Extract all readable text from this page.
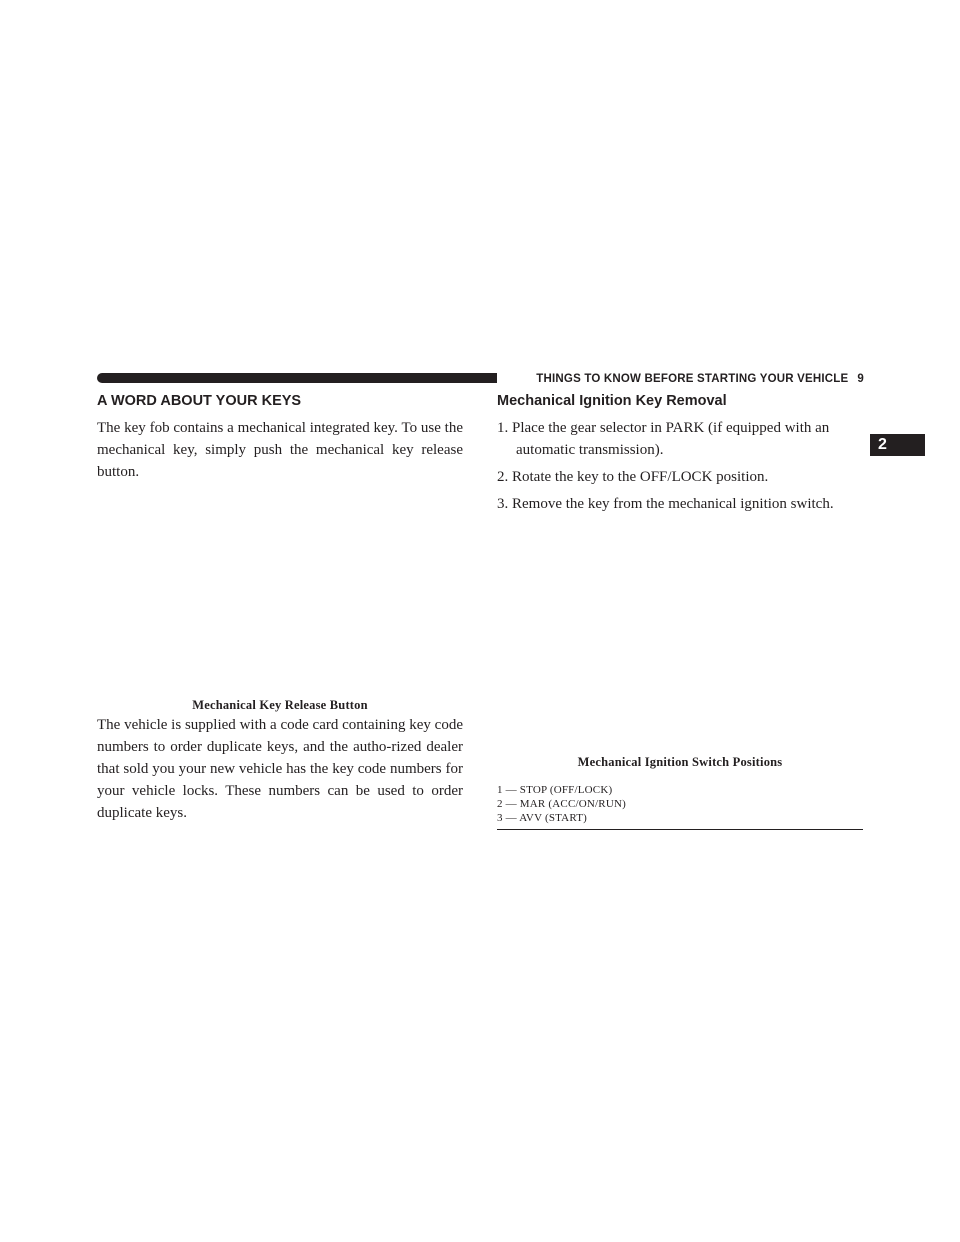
THINGS TO KNOW BEFORE STARTING YOUR VEHICLE 9
2
A WORD ABOUT YOUR KEYS
The key fob contains a mechanical integrated key. To use the mechanical key, simply push the mechanical key release button.
Mechanical Key Release Button
The vehicle is supplied with a code card containing key code numbers to order duplicate keys, and the autho-rized dealer that sold you your new vehicle has the key code numbers for your vehicle locks. These numbers can be used to order duplicate keys.
Mechanical Ignition Key Removal
1. Place the gear selector in PARK (if equipped with an automatic transmission).
2. Rotate the key to the OFF/LOCK position.
3. Remove the key from the mechanical ignition switch.
Mechanical Ignition Switch Positions
1 — STOP (OFF/LOCK)
2 — MAR (ACC/ON/RUN)
3 — AVV (START)
